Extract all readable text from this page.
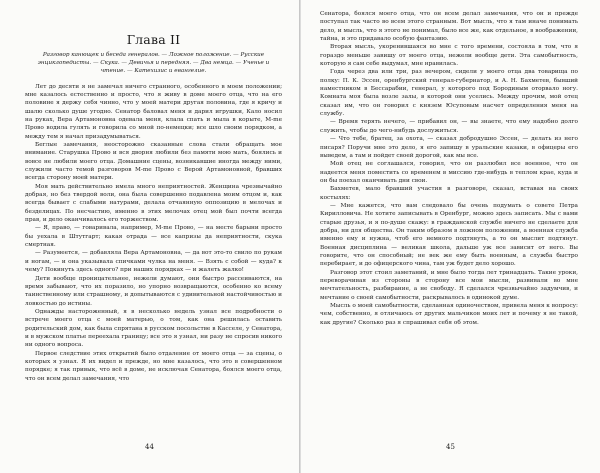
Глава II
Разговор канющек и беседа генералов. — Ложное положение. — Русские энциклопедисты. — Скука. — Девичья и передняя. — Два немца. — Ученье и чтение. — Катехизис и евангелие.

Лет до десяти я не замечал ничего странного, особенного в моем положении; мне казалось естественно и просто, что я живу в доме моего отца, что на его половине я держу себя чинно, что у моей матери другая половина, где я кричу и шалю сколько душе угодно. Сенатор баловал меня и дарил игрушки, Кало носил на руках, Вера Артамоновна одевала меня, клала спать и мыла в корыте, М-me Прово водила гулять и говорила со мной по-немецки; все шло своим порядком, а между тем я начал призадумываться.

Беглые замечания, неосторожно сказанные слова стали обращать мое внимание. Старушка Прово и вся дворня любили без памяти мою мать, боялись и вовсе не любили моего отца. Домашние сцены, возникавшие иногда между ними, служили часто темой разговоров М-me Прово с Верой Артамоновной, бравших всегда сторону моей матери.

Моя мать действительно имела много неприятностей. Женщина чрезвычайно добрая, но без твердой воли, она была совершенно подавлена моим отцом и, как всегда бывает с слабыми натурами, делала отчаянную оппозицию в мелочах и безделицах. По несчастию, именно в этих мелочах отец мой был почти всегда прав, и дело оканчивалось его торжеством.

— Я, право, — говаривала, например, М-me Прово, — на месте барыни просто бы уехала в Штутгарт; какая отрада — все капризы да неприятности, скука смертная.

— Разумеется, — добавляла Вера Артамоновна, — да вот это-то свило по рукам и ногам, — и она указывала спичками чулка на меня. — Взять с собой — куда? к чему? Покинуть здесь одного? при наших порядках — и жалеть жалко!

Дети вообще проницательнее, нежели думают, они быстро рассеиваются, на время забывают, что их поразило, но упорно возвращаются, особенно ко всему таинственному или страшному, и допытываются с удивительной настойчивостью и ловкостью до истины.

Однажды настороженный, я в несколько недель узнал все подробности о встрече моего отца с моей матерью, о том, как она решилась оставить родительский дом, как была спрятана в русском посольстве в Касселе, у Сенатора, и в мужском платье переехала границу; все это я узнал, ни разу не спросив никого ни одного вопроса.

Первое следствие этих открытий было отдаление от моего отца — за сцены, о которых я узнал. Я их видел и прежде, но мне казалось, что это в совершенном порядке; я так привык, что всё в доме, не исключая Сенатора, боялся моего отца, что он всем делал замечания, что

44

Сенатора, боялся моего отца, что он всем делал замечания, что он и прежде поступал так часто во всем этого странным. Вот мысль, что я там иначе понимать дело, и мысль, что я этого не понимал, было все же, как отдельное, в воображении, тайна, и это придавало особую фантазию.

Вторая мысль, укоренившаяся во мне с того времени, состояла в том, что я гораздо меньше завишу от моего отца, нежели вообще дети. Эта самобытность, которую я сам себе выдумал, мне нравилась.

Года через два или три, раз вечером, сидели у моего отца два товарища по полку: П. К. Эссен, оренбургский генерал-губернатор, и А. Н. Бахметев, бывший наместником в Бессарабии, генерал, у которого под Бородиным оторвало ногу. Комната моя была возле залы, в которой они уселись. Между прочим, мой отец сказал им, что он говорил с князем Юсуповым насчет определения меня на службу.

— Время терять нечего, — прибавил он, — вы знаете, что ему надобно долго служить, чтобы до чего-нибудь дослужиться.

— Что тебе, братец, за охота, — сказал добродушно Эссен, — делать из него писаря? Поручи мне это дело, я его запишу в уральские казаки, в офицеры его выведем, а там и пойдет своей дорогой, как мы все.

Мой отец не соглашался, говорил, что он разлюбил все военное, что он надеется меня поместить со временем в миссию где-нибудь в теплом крае, куда и он бы поехал оканчивать дни свои.

Бахметев, мало бравший участия в разговоре, сказал, вставая на своих костылях:

— Мне кажется, что вам следовало бы очень подумать о совете Петра Кирилловича. Не хотите записывать в Оренбург, можно здесь записать. Мы с вами старые друзья, и я по-душе скажу: в гражданской службе ничего не сделаете для добра, ни для общества. Он таким образом в ложном положении, а военная служба именно ему и нужна, чтоб его немного подтянуть, а то он мыслит подтянут. Военная дисциплина — великая школа, дальше уж все зависит от него. Вы говорите, что он способный; не век же ему быть военным, а служба быстро перебирает, и до офицерского чина, там уж будет дело хорошо.

Разговор этот стоил заметаний, и мне было тогда лет тринадцать. Такие уроки, переворачивая из стороны в сторону все мои мысли, развивали во мне мечтательность, разбирание, а не свободу. Я сделался чрезвычайно задумчив, и мечтание о своей самобытности, раскрывалось в одинокой думе.

Мысль о моей самобытности, сделанная одиночеством, привела меня к вопросу: чем, собственно, я отличаюсь от других мальчиков моих лет и почему я не такой, как другие? Сколько раз я спрашивал себя об этом.

45
